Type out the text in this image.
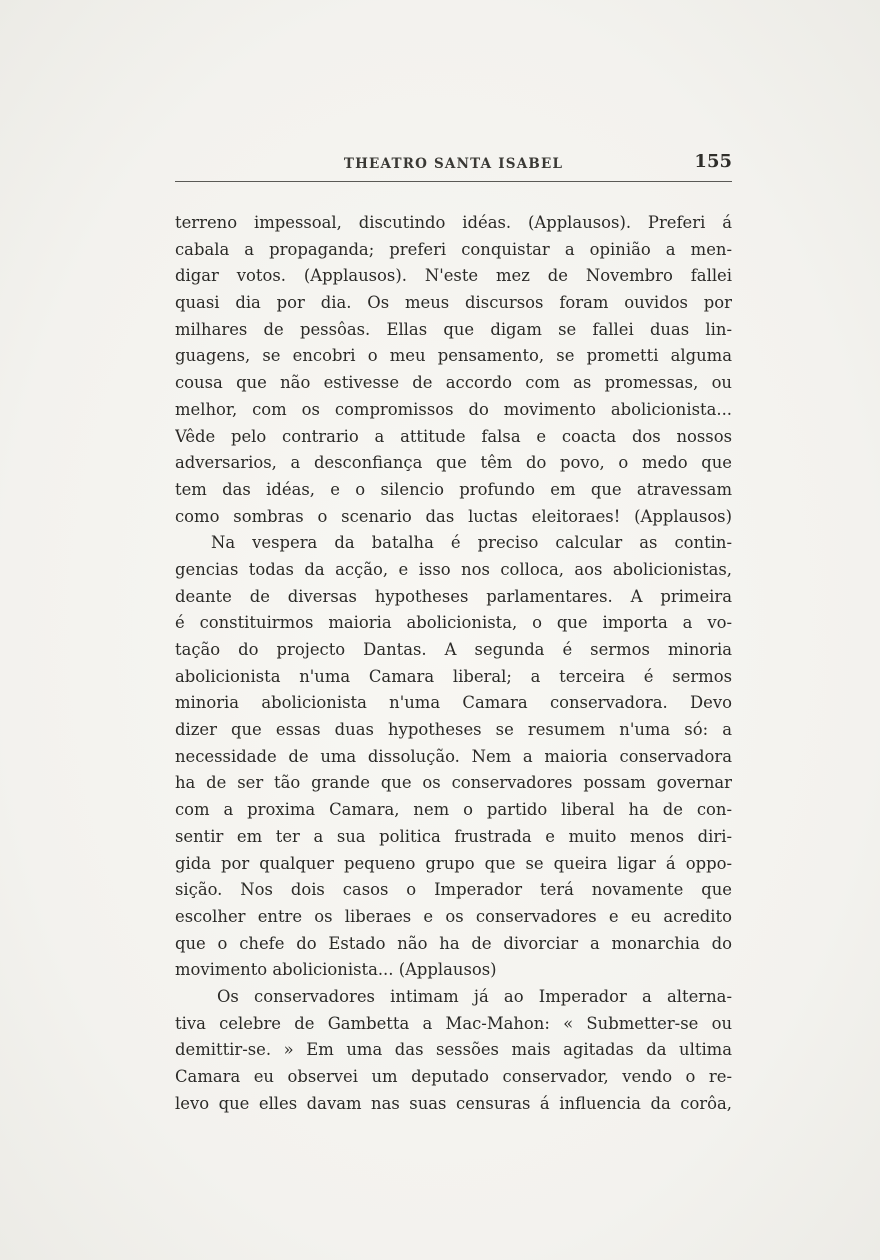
THEATRO SANTA ISABEL	155
terreno impessoal, discutindo idéas. (Applausos). Preferi á
cabala a propaganda; preferi conquistar a opinião a men-
digar votos. (Applausos). N'este mez de Novembro fallei
quasi dia por dia. Os meus discursos foram ouvidos por
milhares de pessôas. Ellas que digam se fallei duas lin-
guagens, se encobri o meu pensamento, se prometti alguma
cousa que não estivesse de accordo com as promessas, ou
melhor, com os compromissos do movimento abolicionista...
Vêde pelo contrario a attitude falsa e coacta dos nossos
adversarios, a desconfiança que têm do povo, o medo que
tem das idéas, e o silencio profundo em que atravessam
como sombras o scenario das luctas eleitoraes! (Applausos)
Na vespera da batalha é preciso calcular as contin-
gencias todas da acção, e isso nos colloca, aos abolicionistas,
deante de diversas hypotheses parlamentares. A primeira
é constituirmos maioria abolicionista, o que importa a vo-
tação do projecto Dantas. A segunda é sermos minoria
abolicionista n'uma Camara liberal; a terceira é sermos
minoria abolicionista n'uma Camara conservadora. Devo
dizer que essas duas hypotheses se resumem n'uma só: a
necessidade de uma dissolução. Nem a maioria conservadora
ha de ser tão grande que os conservadores possam governar
com a proxima Camara, nem o partido liberal ha de con-
sentir em ter a sua politica frustrada e muito menos diri-
gida por qualquer pequeno grupo que se queira ligar á oppo-
sição. Nos dois casos o Imperador terá novamente que
escolher entre os liberaes e os conservadores e eu acredito
que o chefe do Estado não ha de divorciar a monarchia do
movimento abolicionista... (Applausos)
Os conservadores intimam já ao Imperador a alterna-
tiva celebre de Gambetta a Mac-Mahon: « Submetter-se ou
demittir-se. » Em uma das sessões mais agitadas da ultima
Camara eu observei um deputado conservador, vendo o re-
levo que elles davam nas suas censuras á influencia da corôa,
